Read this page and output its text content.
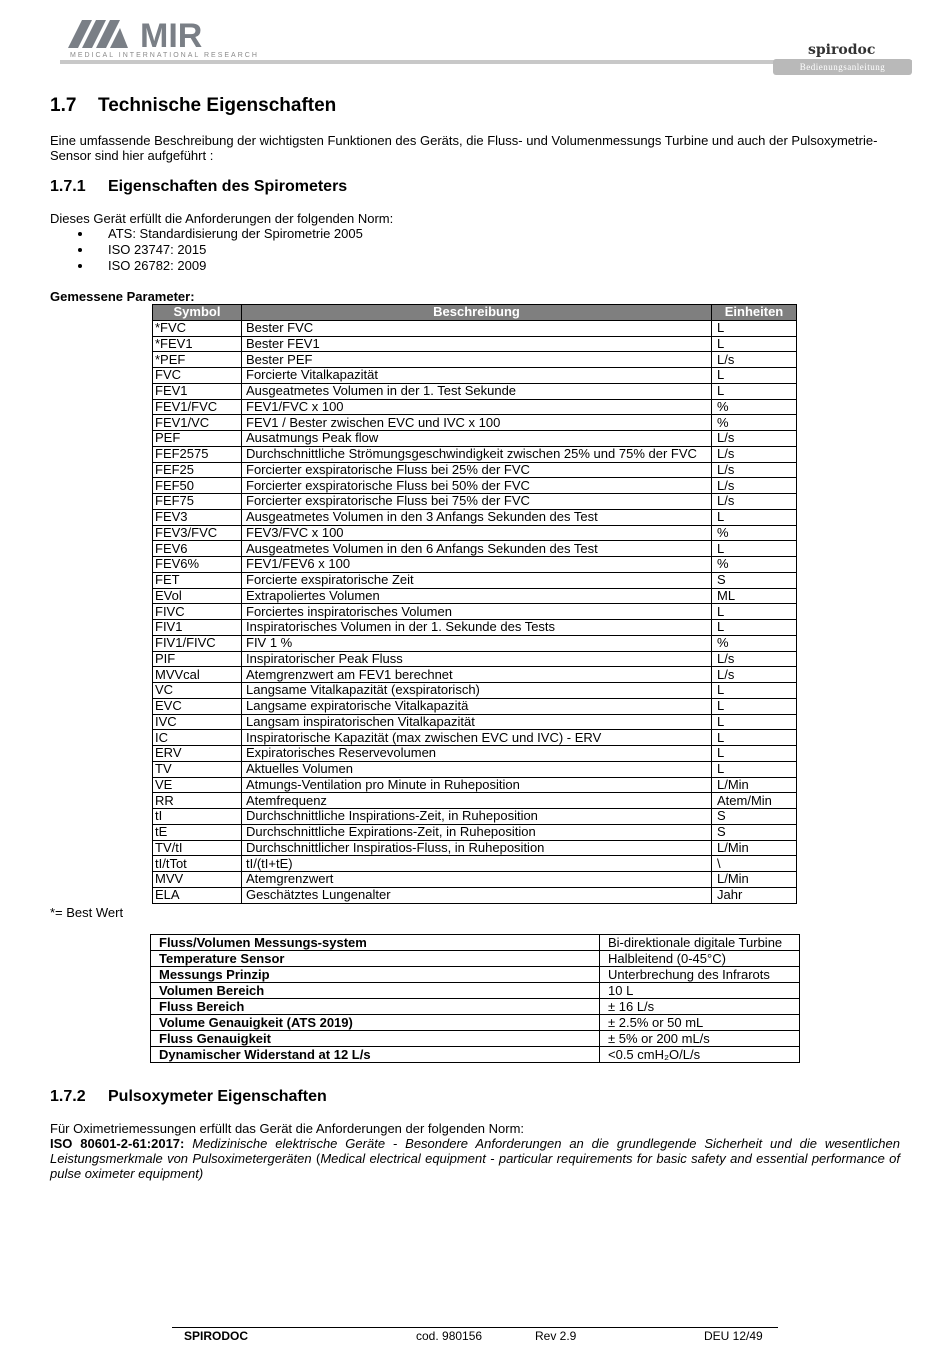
MIR
MEDICAL INTERNATIONAL RESEARCH	spirodoc
Bedienungsanleitung
1.7 Technische Eigenschaften
Eine umfassende Beschreibung der wichtigsten Funktionen des Geräts, die Fluss- und Volumenmessungs Turbine und auch der Pulsoxymetrie-Sensor sind hier aufgeführt :
1.7.1 Eigenschaften des Spirometers
Dieses Gerät erfüllt die Anforderungen der folgenden Norm:
ATS: Standardisierung der Spirometrie 2005
ISO 23747: 2015
ISO 26782: 2009
Gemessene Parameter:
Symbol	Beschreibung	Einheiten
*FVC	Bester FVC	L
*FEV1	Bester FEV1	L
*PEF	Bester PEF	L/s
FVC	Forcierte Vitalkapazität	L
FEV1	Ausgeatmetes Volumen in der 1. Test Sekunde	L
FEV1/FVC	FEV1/FVC x 100	%
FEV1/VC	FEV1 / Bester zwischen EVC und IVC x 100	%
PEF	Ausatmungs Peak flow	L/s
FEF2575	Durchschnittliche Strömungsgeschwindigkeit zwischen 25% und 75% der FVC	L/s
FEF25	Forcierter exspiratorische Fluss bei 25% der FVC	L/s
FEF50	Forcierter exspiratorische Fluss bei 50% der FVC	L/s
FEF75	Forcierter exspiratorische Fluss bei 75% der FVC	L/s
FEV3	Ausgeatmetes Volumen in den 3 Anfangs Sekunden des Test	L
FEV3/FVC	FEV3/FVC x 100	%
FEV6	Ausgeatmetes Volumen in den 6 Anfangs Sekunden des Test	L
FEV6%	FEV1/FEV6 x 100	%
FET	Forcierte exspiratorische Zeit	S
EVol	Extrapoliertes Volumen	ML
FIVC	Forciertes inspiratorisches Volumen	L
FIV1	Inspiratorisches Volumen in der 1. Sekunde des Tests	L
FIV1/FIVC	FIV 1 %	%
PIF	Inspiratorischer Peak Fluss	L/s
MVVcal	Atemgrenzwert am FEV1 berechnet	L/s
VC	Langsame Vitalkapazität (exspiratorisch)	L
EVC	Langsame expiratorische Vitalkapazitä	L
IVC	Langsam inspiratorischen Vitalkapazität	L
IC	Inspiratorische Kapazität (max zwischen EVC und IVC) - ERV	L
ERV	Expiratorisches Reservevolumen	L
TV	Aktuelles Volumen	L
VE	Atmungs-Ventilation pro Minute in Ruheposition	L/Min
RR	Atemfrequenz	Atem/Min
tI	Durchschnittliche Inspirations-Zeit, in Ruheposition	S
tE	Durchschnittliche Expirations-Zeit, in Ruheposition	S
TV/tI	Durchschnittlicher Inspiratios-Fluss, in Ruheposition	L/Min
tI/tTot	tI/(tI+tE)	\
MVV	Atemgrenzwert	L/Min
ELA	Geschätztes Lungenalter	Jahr
*= Best Wert
Fluss/Volumen Messungs-system	Bi-direktionale digitale Turbine
Temperature Sensor	Halbleitend (0-45°C)
Messungs Prinzip	Unterbrechung des Infrarots
Volumen Bereich	10 L
Fluss Bereich	± 16 L/s
Volume Genauigkeit (ATS 2019)	± 2.5% or 50 mL
Fluss Genauigkeit	± 5% or 200 mL/s
Dynamischer Widerstand at 12 L/s	<0.5 cmH₂O/L/s
1.7.2 Pulsoxymeter Eigenschaften
Für Oximetriemessungen erfüllt das Gerät die Anforderungen der folgenden Norm:
ISO 80601-2-61:2017: Medizinische elektrische Geräte - Besondere Anforderungen an die grundlegende Sicherheit und die wesentlichen Leistungsmerkmale von Pulsoximetergeräten (Medical electrical equipment - particular requirements for basic safety and essential performance of pulse oximeter equipment)
SPIRODOC	cod. 980156	Rev 2.9	DEU 12/49
